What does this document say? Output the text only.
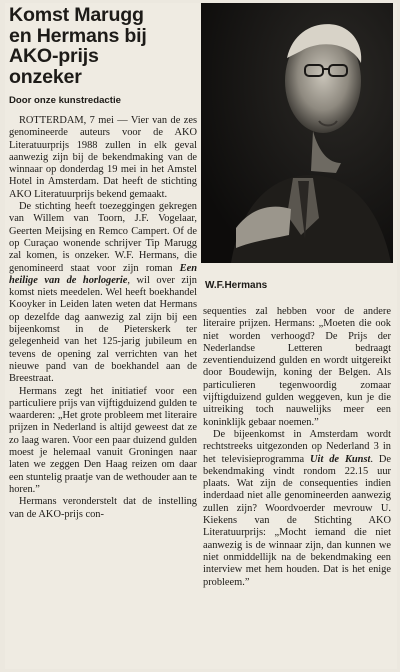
Komst Marugg
en Hermans bij
AKO-prijs
onzeker
Door onze kunstredactie

ROTTERDAM, 7 mei — Vier van de zes genomineerde auteurs voor de AKO Literatuurprijs 1988 zullen in elk geval aanwezig zijn bij de bekendmaking van de winnaar op donderdag 19 mei in het Amstel Hotel in Amsterdam. Dat heeft de stichting AKO Literatuurprijs bekend gemaakt.

De stichting heeft toezeggingen gekregen van Willem van Toorn, J.F. Vogelaar, Geerten Meijsing en Remco Campert. Of de op Curaçao wonende schrijver Tip Marugg zal komen, is onzeker. W.F. Hermans, die genomineerd staat voor zijn roman Een heilige van de horlogerie, wil over zijn komst niets meedelen. Wel heeft boekhandel Kooyker in Leiden laten weten dat Hermans op dezelfde dag aanwezig zal zijn bij een bijeenkomst in de Pieterskerk ter gelegenheid van het 125-jarig jubileum en tevens de opening zal verrichten van het nieuwe pand van de boekhandel aan de Breestraat.

Hermans zegt het initiatief voor een particuliere prijs van vijftigduizend gulden te waarderen: „Het grote probleem met literaire prijzen in Nederland is altijd geweest dat ze zo laag waren. Voor een paar duizend gulden moest je helemaal vanuit Groningen naar laten we zeggen Den Haag reizen om daar een stuntelig praatje van de wethouder aan te horen.”

Hermans veronderstelt dat de instelling van de AKO-prijs con-

W.F.Hermans

sequenties zal hebben voor de andere literaire prijzen. Hermans: „Moeten die ook niet worden verhoogd? De Prijs der Nederlandse Letteren bedraagt zeventienduizend gulden en wordt uitgereikt door Boudewijn, koning der Belgen. Als particulieren tegenwoordig zomaar vijftigduizend gulden weggeven, kun je die uitreiking toch nauwelijks meer een koninklijk gebaar noemen.”

De bijeenkomst in Amsterdam wordt rechtstreeks uitgezonden op Nederland 3 in het televisieprogramma Uit de Kunst. De bekendmaking vindt rondom 22.15 uur plaats. Wat zijn de consequenties indien inderdaad niet alle genomineerden aanwezig zullen zijn? Woordvoerder mevrouw U. Kiekens van de Stichting AKO Literatuurprijs: „Mocht iemand die niet aanwezig is de winnaar zijn, dan kunnen we niet onmiddellijk na de bekendmaking een interview met hem houden. Dat is het enige probleem.”
